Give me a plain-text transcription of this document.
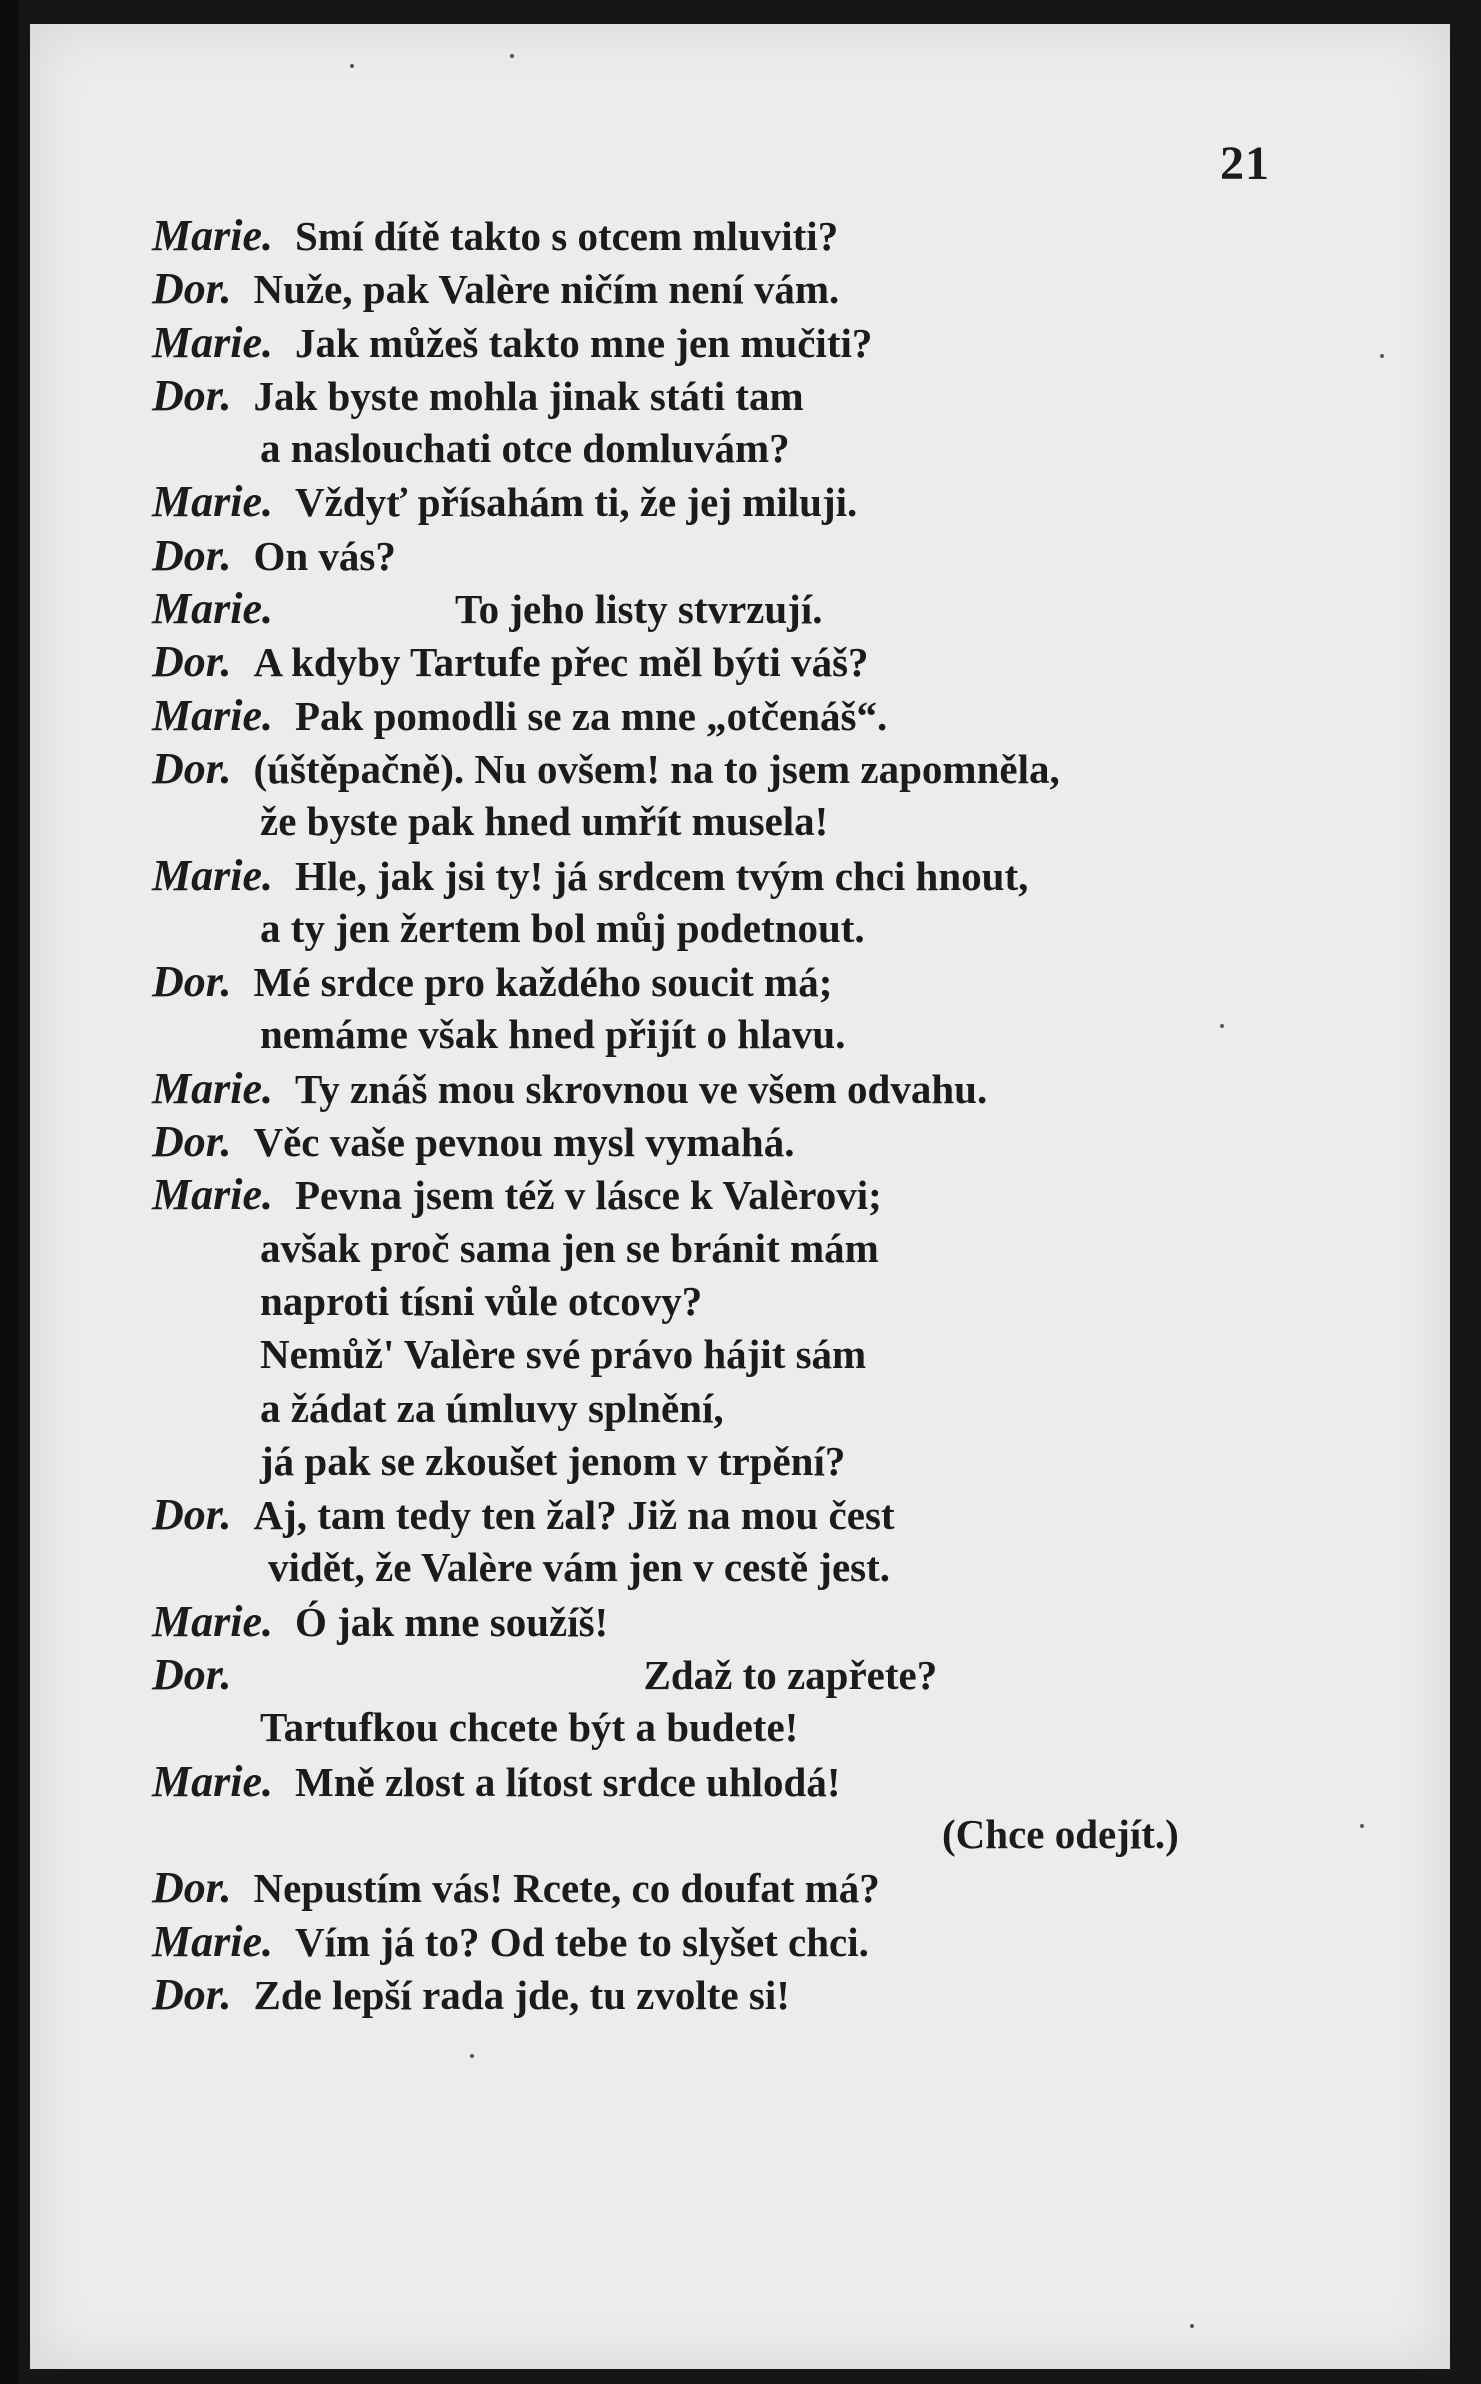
21
Marie. Smí dítě takto s otcem mluviti?
Dor. Nuže, pak Valère ničím není vám.
Marie. Jak můžeš takto mne jen mučiti?
Dor. Jak byste mohla jinak státi tam
a naslouchati otce domluvám?
Marie. Vždyť přísahám ti, že jej miluji.
Dor. On vás?
Marie.	To jeho listy stvrzují.
Dor. A kdyby Tartufe přec měl býti váš?
Marie. Pak pomodli se za mne „otčenáš“.
Dor. (úštěpačně). Nu ovšem! na to jsem zapomněla,
že byste pak hned umřít musela!
Marie. Hle, jak jsi ty! já srdcem tvým chci hnout,
a ty jen žertem bol můj podetnout.
Dor. Mé srdce pro každého soucit má;
nemáme však hned přijít o hlavu.
Marie. Ty znáš mou skrovnou ve všem odvahu.
Dor. Věc vaše pevnou mysl vymahá.
Marie. Pevna jsem též v lásce k Valèrovi;
avšak proč sama jen se bránit mám
naproti tísni vůle otcovy?
Nemůž' Valère své právo hájit sám
a žádat za úmluvy splnění,
já pak se zkoušet jenom v trpění?
Dor. Aj, tam tedy ten žal? Již na mou čest
vidět, že Valère vám jen v cestě jest.
Marie. Ó jak mne soužíš!
Dor.	Zdaž to zapřete?
Tartufkou chcete být a budete!
Marie. Mně zlost a lítost srdce uhlodá!
(Chce odejít.)
Dor. Nepustím vás! Rcete, co doufat má?
Marie. Vím já to? Od tebe to slyšet chci.
Dor. Zde lepší rada jde, tu zvolte si!
